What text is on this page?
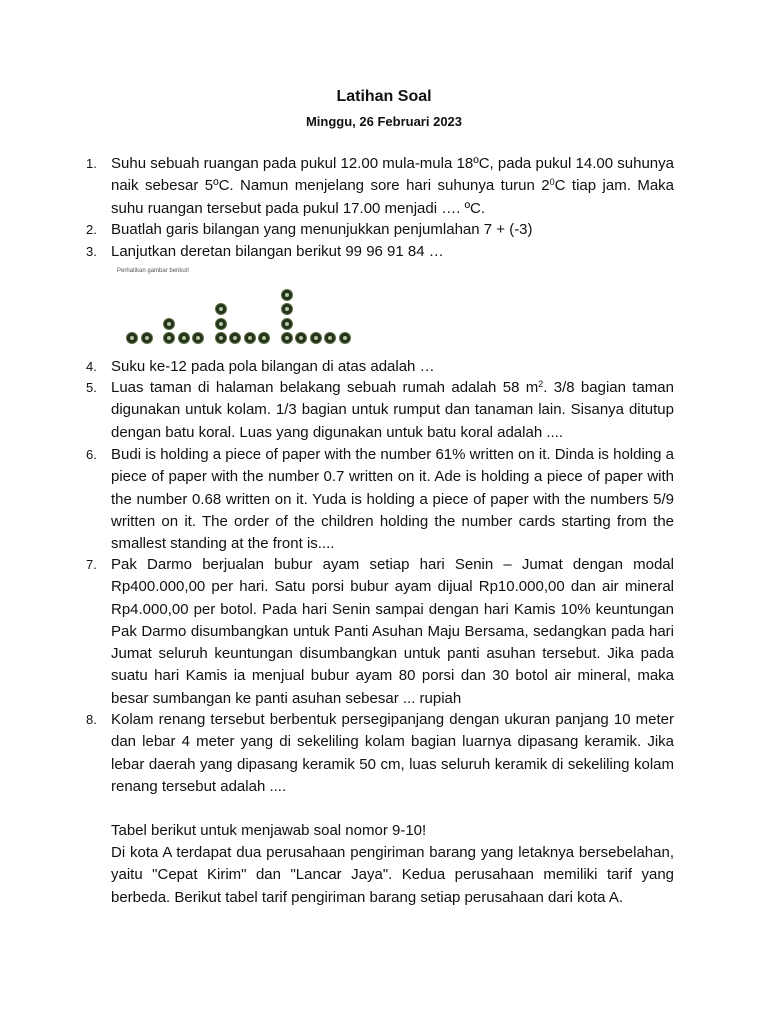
Latihan Soal
Minggu, 26 Februari 2023
1. Suhu sebuah ruangan pada pukul 12.00 mula-mula 18ºC, pada pukul 14.00 suhunya naik sebesar 5ºC. Namun menjelang sore hari suhunya turun $2^0C$ tiap jam. Maka suhu ruangan tersebut pada pukul 17.00 menjadi …. ºC.
2. Buatlah garis bilangan yang menunjukkan penjumlahan 7 + (-3)
3. Lanjutkan deretan bilangan berikut 99 96 91 84 …
Perhatikan gambar berikut!
4. Suku ke-12 pada pola bilangan di atas adalah …
5. Luas taman di halaman belakang sebuah rumah adalah 58 $m^2$. 3/8 bagian taman digunakan untuk kolam. 1/3 bagian untuk rumput dan tanaman lain. Sisanya ditutup dengan batu koral. Luas yang digunakan untuk batu koral adalah ....
6. Budi is holding a piece of paper with the number 61% written on it. Dinda is holding a piece of paper with the number 0.7 written on it. Ade is holding a piece of paper with the number 0.68 written on it. Yuda is holding a piece of paper with the numbers 5/9 written on it. The order of the children holding the number cards starting from the smallest standing at the front is....
7. Pak Darmo berjualan bubur ayam setiap hari Senin – Jumat dengan modal Rp400.000,00 per hari. Satu porsi bubur ayam dijual Rp10.000,00 dan air mineral Rp4.000,00 per botol. Pada hari Senin sampai dengan hari Kamis 10% keuntungan Pak Darmo disumbangkan untuk Panti Asuhan Maju Bersama, sedangkan pada hari Jumat seluruh keuntungan disumbangkan untuk panti asuhan tersebut. Jika pada suatu hari Kamis ia menjual bubur ayam 80 porsi dan 30 botol air mineral, maka besar sumbangan ke panti asuhan sebesar ... rupiah
8. Kolam renang tersebut berbentuk persegipanjang dengan ukuran panjang 10 meter dan lebar 4 meter yang di sekeliling kolam bagian luarnya dipasang keramik. Jika lebar daerah yang dipasang keramik 50 cm, luas seluruh keramik di sekeliling kolam renang tersebut adalah ....
Tabel berikut untuk menjawab soal nomor 9-10!
Di kota A terdapat dua perusahaan pengiriman barang yang letaknya bersebelahan, yaitu "Cepat Kirim" dan "Lancar Jaya". Kedua perusahaan memiliki tarif yang berbeda. Berikut tabel tarif pengiriman barang setiap perusahaan dari kota A.
